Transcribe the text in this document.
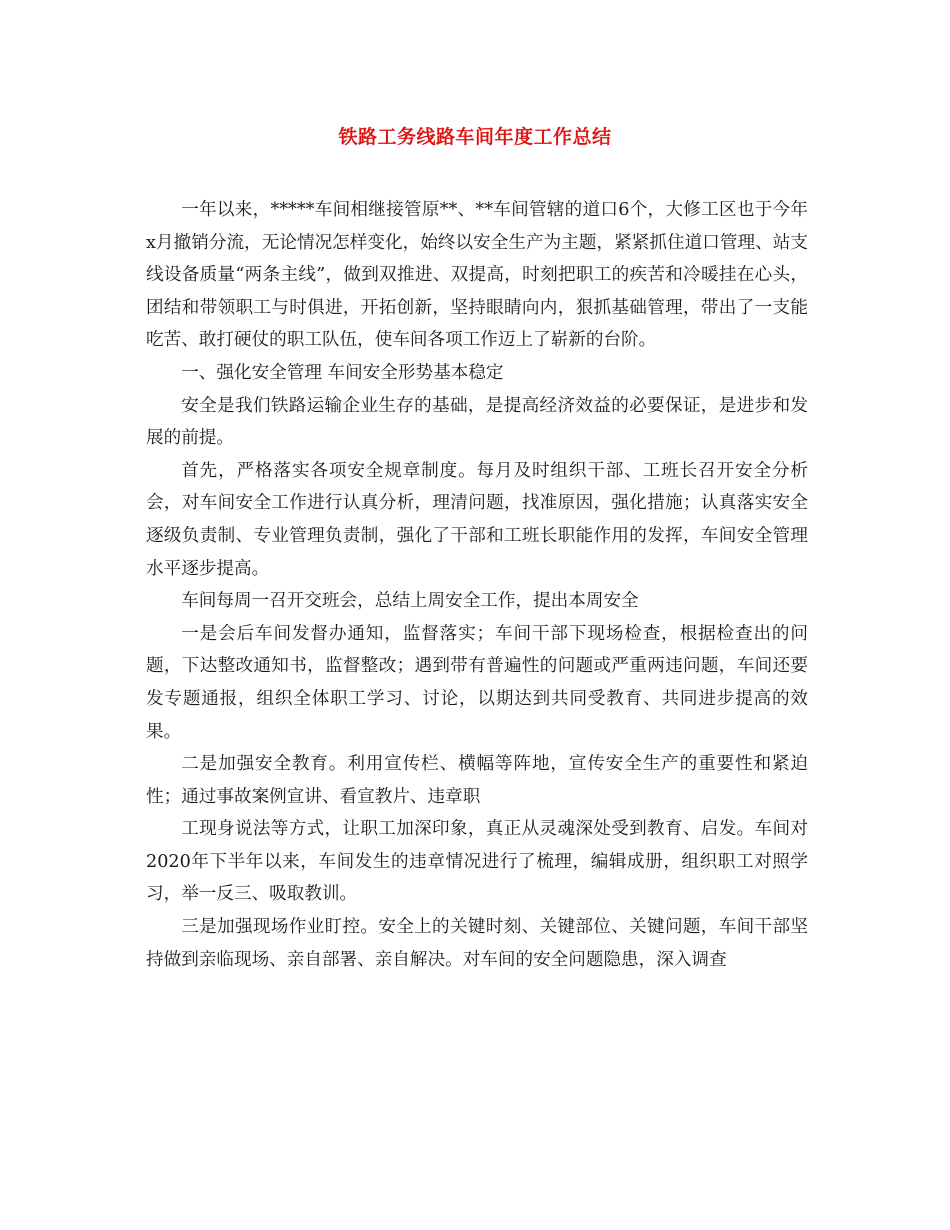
铁路工务线路车间年度工作总结

一年以来，*****车间相继接管原**、**车间管辖的道口6个，大修工区也于今年x月撤销分流，无论情况怎样变化，始终以安全生产为主题，紧紧抓住道口管理、站支线设备质量“两条主线”，做到双推进、双提高，时刻把职工的疾苦和冷暖挂在心头，团结和带领职工与时俱进，开拓创新，坚持眼睛向内，狠抓基础管理，带出了一支能吃苦、敢打硬仗的职工队伍，使车间各项工作迈上了崭新的台阶。

一、强化安全管理 车间安全形势基本稳定

安全是我们铁路运输企业生存的基础，是提高经济效益的必要保证，是进步和发展的前提。

首先，严格落实各项安全规章制度。每月及时组织干部、工班长召开安全分析会，对车间安全工作进行认真分析，理清问题，找准原因，强化措施；认真落实安全逐级负责制、专业管理负责制，强化了干部和工班长职能作用的发挥，车间安全管理水平逐步提高。

车间每周一召开交班会，总结上周安全工作，提出本周安全

一是会后车间发督办通知，监督落实；车间干部下现场检查，根据检查出的问题，下达整改通知书，监督整改；遇到带有普遍性的问题或严重两违问题，车间还要发专题通报，组织全体职工学习、讨论，以期达到共同受教育、共同进步提高的效果。

二是加强安全教育。利用宣传栏、横幅等阵地，宣传安全生产的重要性和紧迫性；通过事故案例宣讲、看宣教片、违章职

工现身说法等方式，让职工加深印象，真正从灵魂深处受到教育、启发。车间对2020年下半年以来，车间发生的违章情况进行了梳理，编辑成册，组织职工对照学习，举一反三、吸取教训。

三是加强现场作业盯控。安全上的关键时刻、关键部位、关键问题，车间干部坚持做到亲临现场、亲自部署、亲自解决。对车间的安全问题隐患，深入调查
